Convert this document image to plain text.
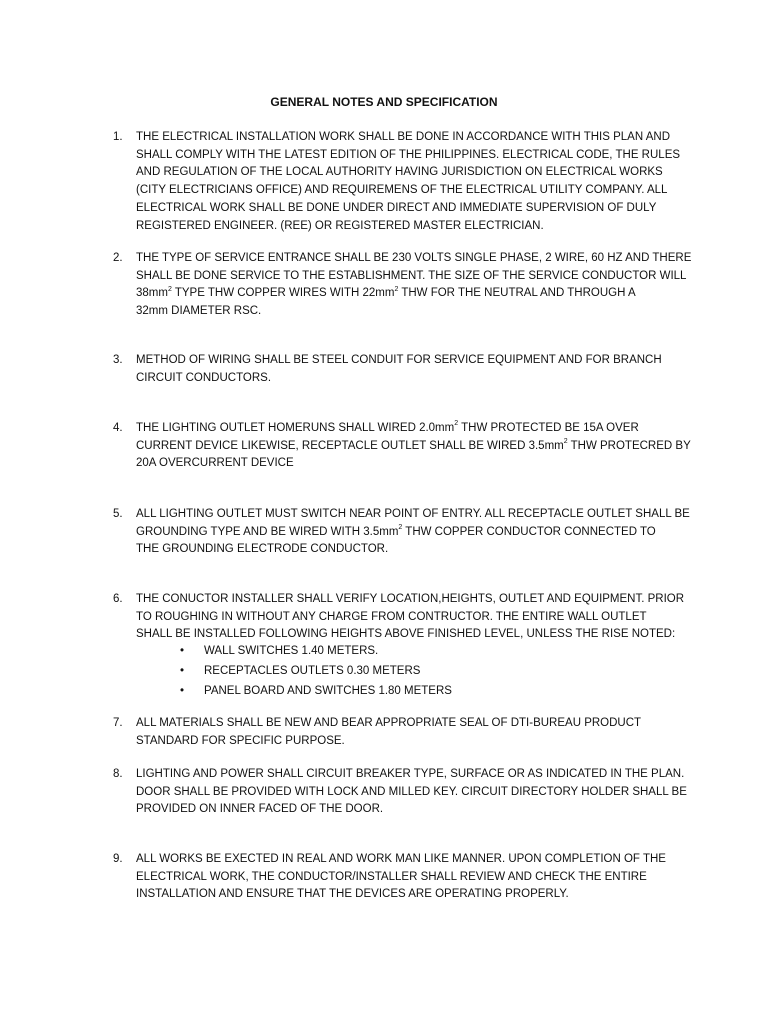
GENERAL NOTES AND SPECIFICATION
1.	THE ELECTRICAL INSTALLATION WORK SHALL BE DONE IN ACCORDANCE WITH THIS PLAN AND
SHALL COMPLY WITH THE LATEST EDITION OF THE PHILIPPINES. ELECTRICAL CODE, THE RULES
AND REGULATION OF THE LOCAL AUTHORITY HAVING JURISDICTION ON ELECTRICAL WORKS
(CITY ELECTRICIANS OFFICE) AND REQUIREMENS OF THE ELECTRICAL UTILITY COMPANY. ALL
ELECTRICAL WORK SHALL BE DONE UNDER DIRECT AND IMMEDIATE SUPERVISION OF DULY
REGISTERED ENGINEER. (REE) OR REGISTERED MASTER ELECTRICIAN.
2.	THE TYPE OF SERVICE ENTRANCE SHALL BE 230 VOLTS SINGLE PHASE, 2 WIRE, 60 HZ AND THERE
SHALL BE DONE SERVICE TO THE ESTABLISHMENT. THE SIZE OF THE SERVICE CONDUCTOR WILL
$38mm^2$ TYPE THW COPPER WIRES WITH $22mm^2$ THW FOR THE NEUTRAL AND THROUGH A
32mm DIAMETER RSC.
3.	METHOD OF WIRING SHALL BE STEEL CONDUIT FOR SERVICE EQUIPMENT AND FOR BRANCH
CIRCUIT CONDUCTORS.
4.	THE LIGHTING OUTLET HOMERUNS SHALL WIRED $2.0mm^2$ THW PROTECTED BE 15A OVER
CURRENT DEVICE LIKEWISE, RECEPTACLE OUTLET SHALL BE WIRED $3.5mm^2$ THW PROTECRED BY
20A OVERCURRENT DEVICE
5.	ALL LIGHTING OUTLET MUST SWITCH NEAR POINT OF ENTRY. ALL RECEPTACLE OUTLET SHALL BE
GROUNDING TYPE AND BE WIRED WITH $3.5mm^2$ THW COPPER CONDUCTOR CONNECTED TO
THE GROUNDING ELECTRODE CONDUCTOR.
6.	THE CONUCTOR INSTALLER SHALL VERIFY LOCATION,HEIGHTS, OUTLET AND EQUIPMENT. PRIOR
TO ROUGHING IN WITHOUT ANY CHARGE FROM CONTRUCTOR. THE ENTIRE WALL OUTLET
SHALL BE INSTALLED FOLLOWING HEIGHTS ABOVE FINISHED LEVEL, UNLESS THE RISE NOTED:
•	WALL SWITCHES 1.40 METERS.
•	RECEPTACLES OUTLETS 0.30 METERS
•	PANEL BOARD AND SWITCHES 1.80 METERS
7.	ALL MATERIALS SHALL BE NEW AND BEAR APPROPRIATE SEAL OF DTI-BUREAU PRODUCT
STANDARD FOR SPECIFIC PURPOSE.
8.	LIGHTING AND POWER SHALL CIRCUIT BREAKER TYPE, SURFACE OR AS INDICATED IN THE PLAN.
DOOR SHALL BE PROVIDED WITH LOCK AND MILLED KEY. CIRCUIT DIRECTORY HOLDER SHALL BE
PROVIDED ON INNER FACED OF THE DOOR.
9.	ALL WORKS BE EXECTED IN REAL AND WORK MAN LIKE MANNER. UPON COMPLETION OF THE
ELECTRICAL WORK, THE CONDUCTOR/INSTALLER SHALL REVIEW AND CHECK THE ENTIRE
INSTALLATION AND ENSURE THAT THE DEVICES ARE OPERATING PROPERLY.
